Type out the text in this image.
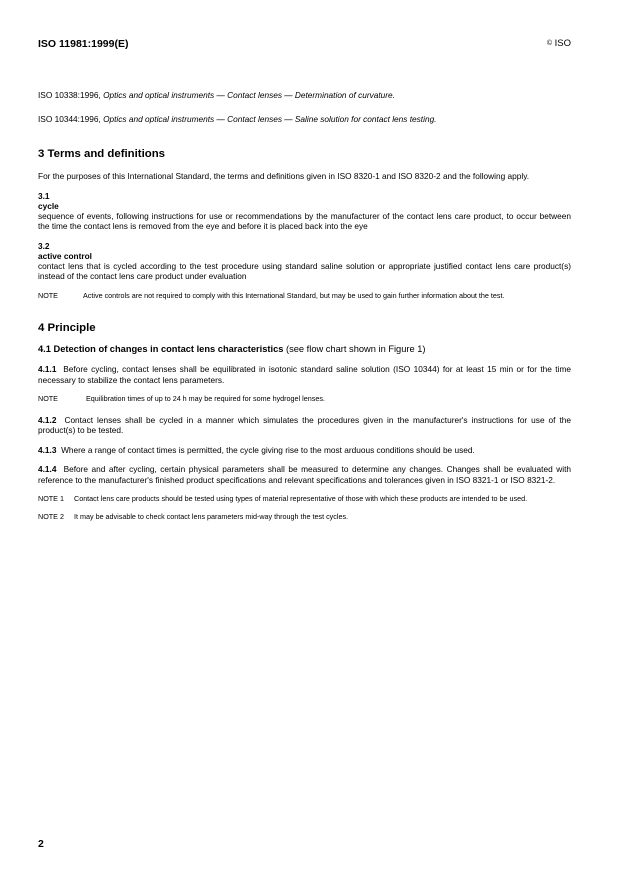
ISO 11981:1999(E)	© ISO

ISO 10338:1996, Optics and optical instruments — Contact lenses — Determination of curvature.

ISO 10344:1996, Optics and optical instruments — Contact lenses — Saline solution for contact lens testing.

3 Terms and definitions

For the purposes of this International Standard, the terms and definitions given in ISO 8320-1 and ISO 8320-2 and the following apply.

3.1
cycle

sequence of events, following instructions for use or recommendations by the manufacturer of the contact lens care product, to occur between the time the contact lens is removed from the eye and before it is placed back into the eye

3.2
active control

contact lens that is cycled according to the test procedure using standard saline solution or appropriate justified contact lens care product(s) instead of the contact lens care product under evaluation

NOTE	Active controls are not required to comply with this International Standard, but may be used to gain further information about the test.

4 Principle
4.1 Detection of changes in contact lens characteristics (see flow chart shown in Figure 1)

4.1.1 Before cycling, contact lenses shall be equilibrated in isotonic standard saline solution (ISO 10344) for at least 15 min or for the time necessary to stabilize the contact lens parameters.

NOTE	Equilibration times of up to 24 h may be required for some hydrogel lenses.

4.1.2 Contact lenses shall be cycled in a manner which simulates the procedures given in the manufacturer's instructions for use of the product(s) to be tested.

4.1.3 Where a range of contact times is permitted, the cycle giving rise to the most arduous conditions should be used.

4.1.4 Before and after cycling, certain physical parameters shall be measured to determine any changes. Changes shall be evaluated with reference to the manufacturer's finished product specifications and relevant specifications and tolerances given in ISO 8321-1 or ISO 8321-2.

NOTE 1 Contact lens care products should be tested using types of material representative of those with which these products are intended to be used.

NOTE 2 It may be advisable to check contact lens parameters mid-way through the test cycles.

2
